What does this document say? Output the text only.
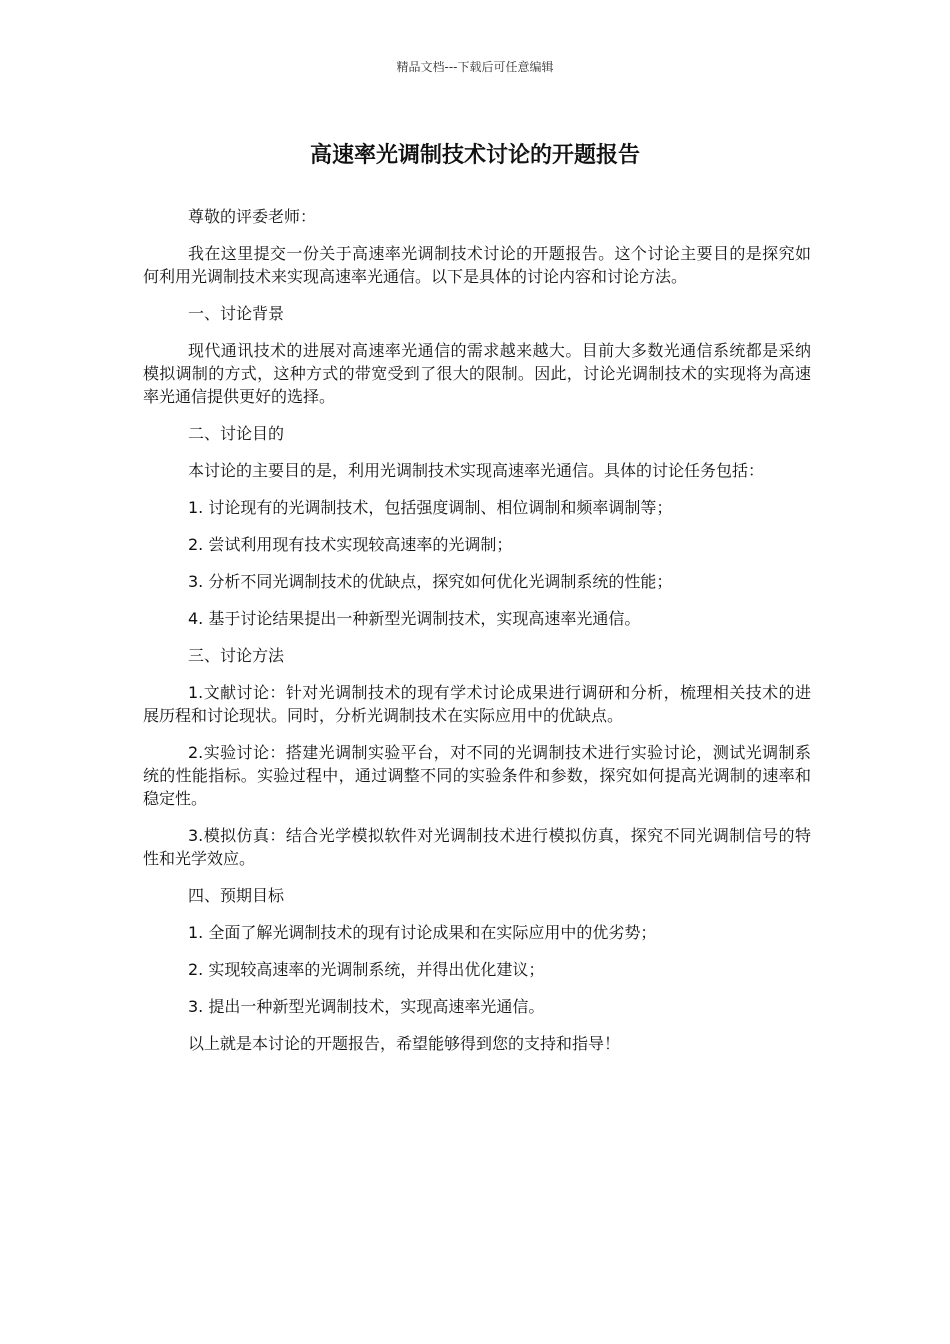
精品文档---下载后可任意编辑
高速率光调制技术讨论的开题报告

尊敬的评委老师：

我在这里提交一份关于高速率光调制技术讨论的开题报告。这个讨论主要目的是探究如何利用光调制技术来实现高速率光通信。以下是具体的讨论内容和讨论方法。

一、讨论背景

现代通讯技术的进展对高速率光通信的需求越来越大。目前大多数光通信系统都是采纳模拟调制的方式，这种方式的带宽受到了很大的限制。因此，讨论光调制技术的实现将为高速率光通信提供更好的选择。

二、讨论目的

本讨论的主要目的是，利用光调制技术实现高速率光通信。具体的讨论任务包括：

1. 讨论现有的光调制技术，包括强度调制、相位调制和频率调制等；

2. 尝试利用现有技术实现较高速率的光调制；

3. 分析不同光调制技术的优缺点，探究如何优化光调制系统的性能；

4. 基于讨论结果提出一种新型光调制技术，实现高速率光通信。

三、讨论方法

1.文献讨论：针对光调制技术的现有学术讨论成果进行调研和分析，梳理相关技术的进展历程和讨论现状。同时，分析光调制技术在实际应用中的优缺点。

2.实验讨论：搭建光调制实验平台，对不同的光调制技术进行实验讨论，测试光调制系统的性能指标。实验过程中，通过调整不同的实验条件和参数，探究如何提高光调制的速率和稳定性。

3.模拟仿真：结合光学模拟软件对光调制技术进行模拟仿真，探究不同光调制信号的特性和光学效应。

四、预期目标

1. 全面了解光调制技术的现有讨论成果和在实际应用中的优劣势；

2. 实现较高速率的光调制系统，并得出优化建议；

3. 提出一种新型光调制技术，实现高速率光通信。

以上就是本讨论的开题报告，希望能够得到您的支持和指导！
